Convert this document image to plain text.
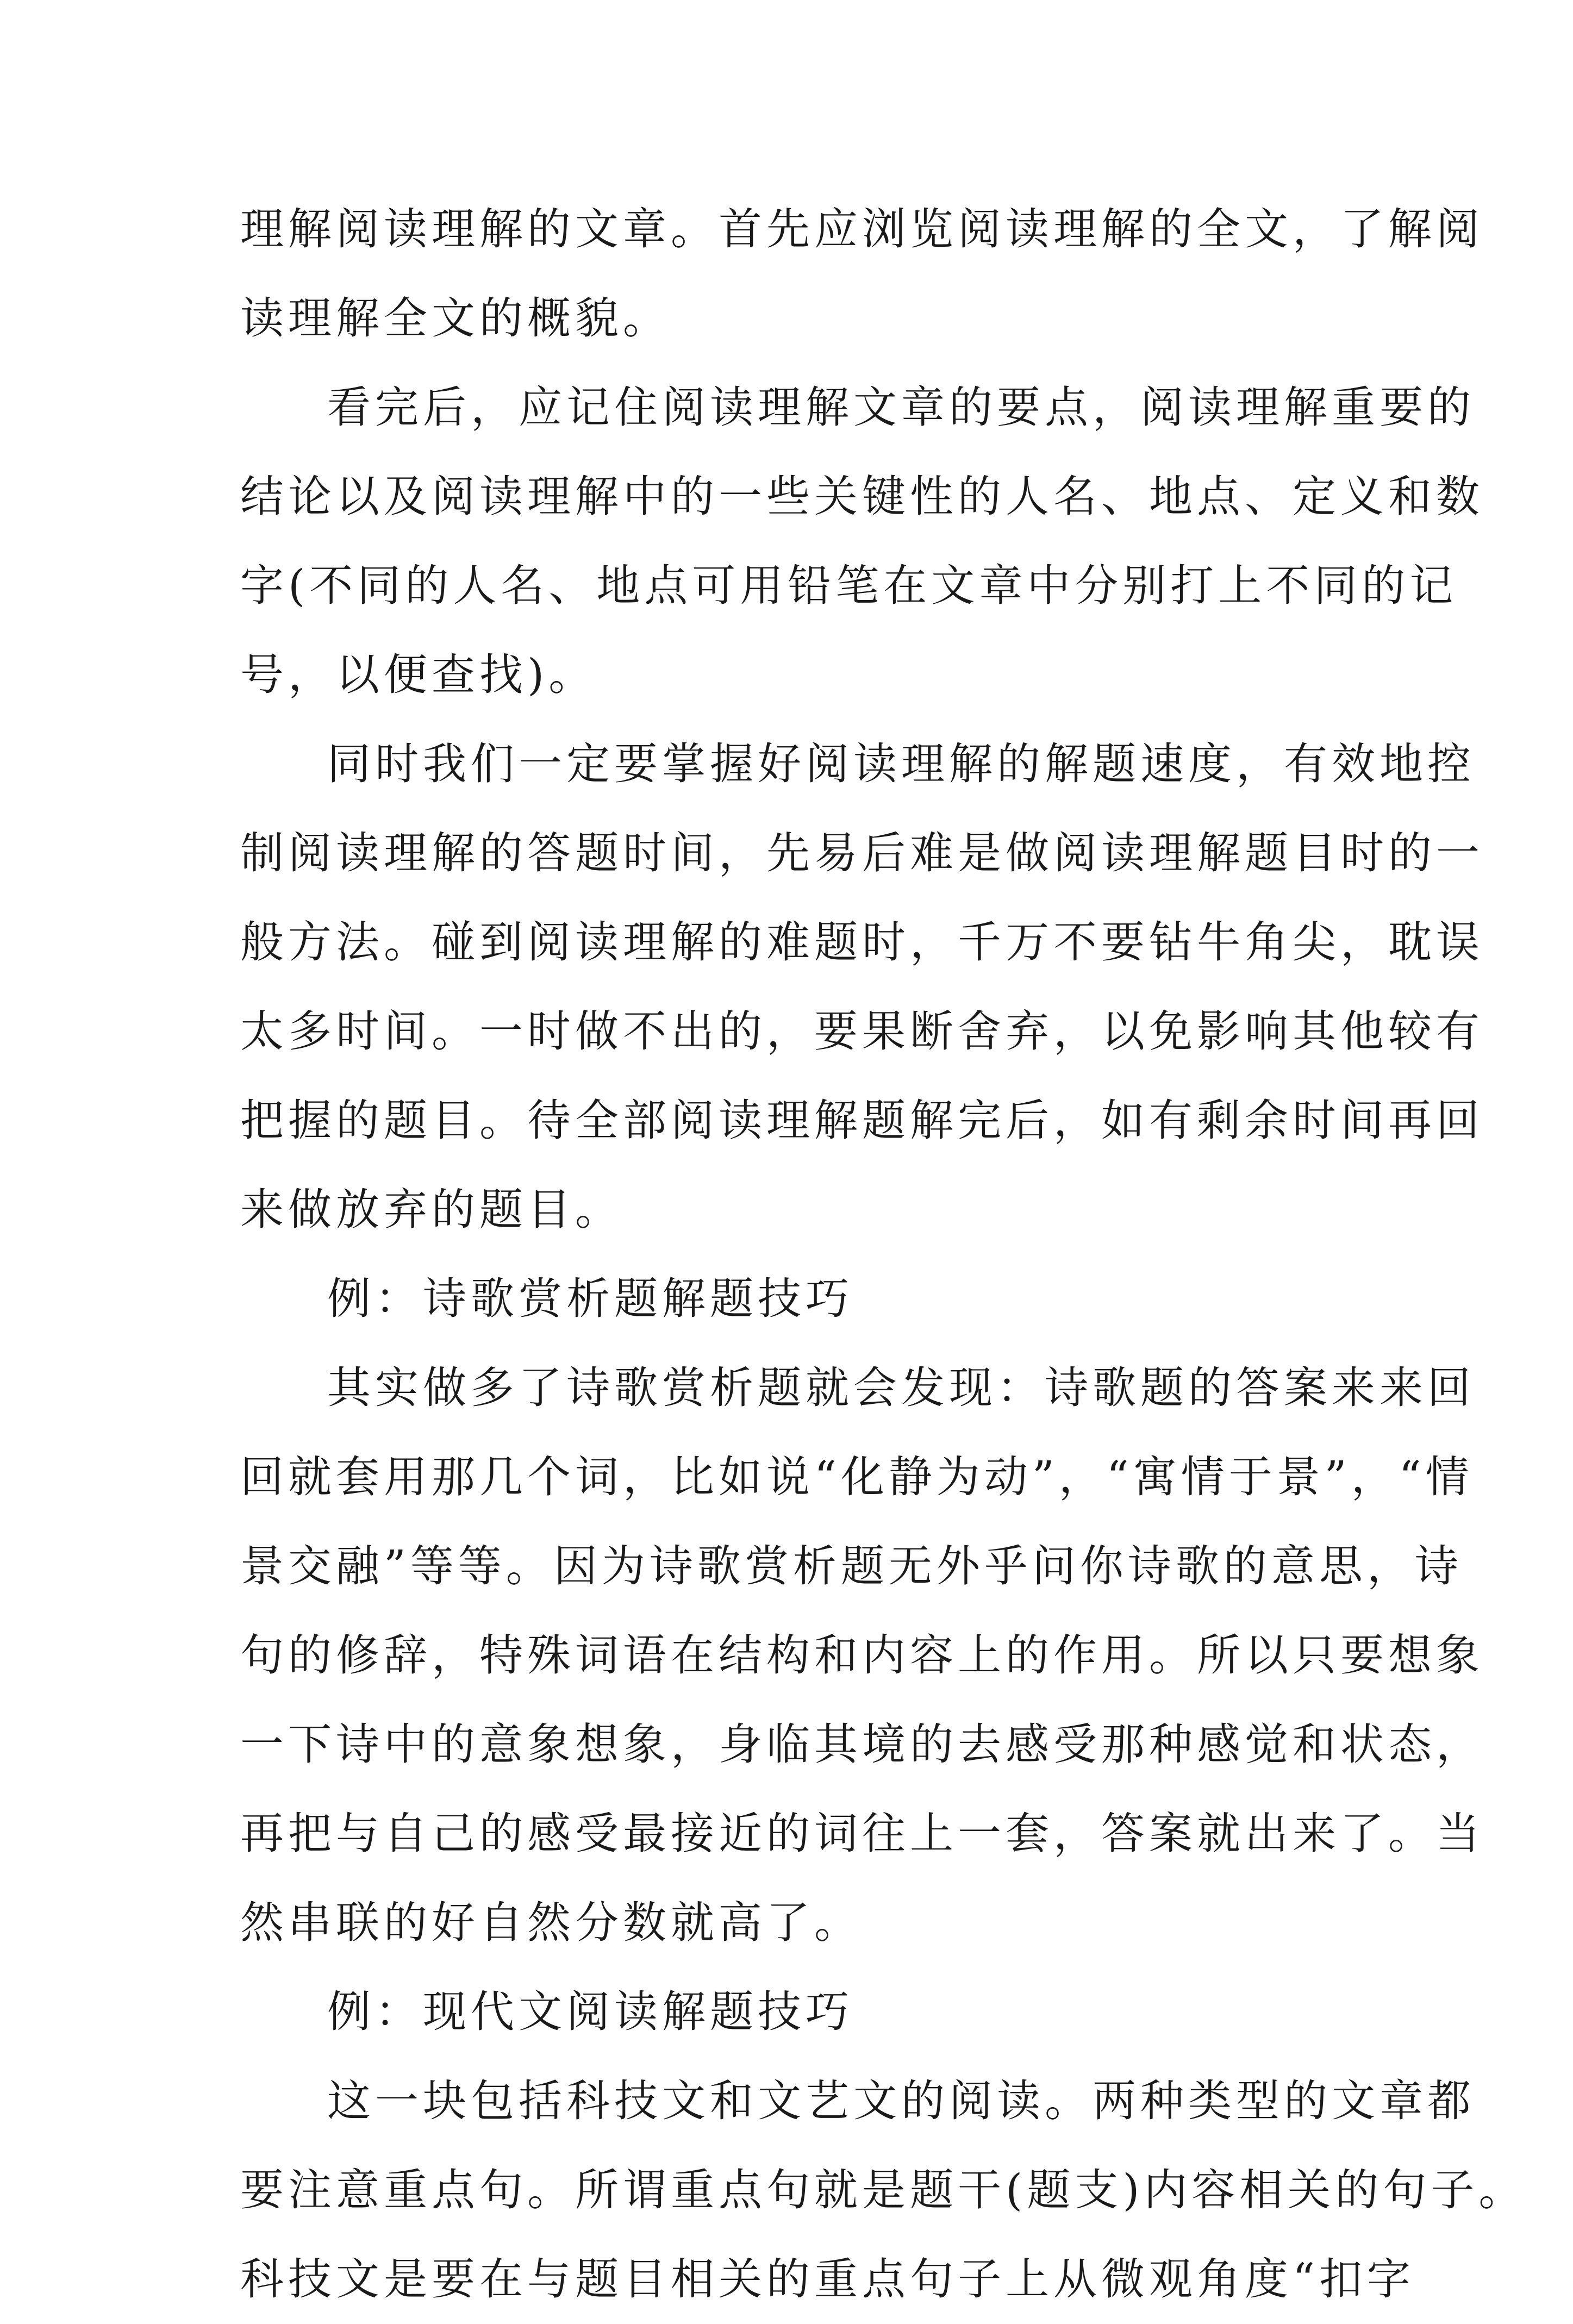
理解阅读理解的文章。首先应浏览阅读理解的全文，了解阅
读理解全文的概貌。

看完后，应记住阅读理解文章的要点，阅读理解重要的
结论以及阅读理解中的一些关键性的人名、地点、定义和数
字(不同的人名、地点可用铅笔在文章中分别打上不同的记
号，以便查找)。

同时我们一定要掌握好阅读理解的解题速度，有效地控
制阅读理解的答题时间，先易后难是做阅读理解题目时的一
般方法。碰到阅读理解的难题时，千万不要钻牛角尖，耽误
太多时间。一时做不出的，要果断舍弃，以免影响其他较有
把握的题目。待全部阅读理解题解完后，如有剩余时间再回
来做放弃的题目。

例：诗歌赏析题解题技巧

其实做多了诗歌赏析题就会发现：诗歌题的答案来来回
回就套用那几个词，比如说“化静为动”，“寓情于景”，“情
景交融”等等。因为诗歌赏析题无外乎问你诗歌的意思，诗
句的修辞，特殊词语在结构和内容上的作用。所以只要想象
一下诗中的意象想象，身临其境的去感受那种感觉和状态，
再把与自己的感受最接近的词往上一套，答案就出来了。当
然串联的好自然分数就高了。

例：现代文阅读解题技巧

这一块包括科技文和文艺文的阅读。两种类型的文章都
要注意重点句。所谓重点句就是题干(题支)内容相关的句子。
科技文是要在与题目相关的重点句子上从微观角度“扣字
